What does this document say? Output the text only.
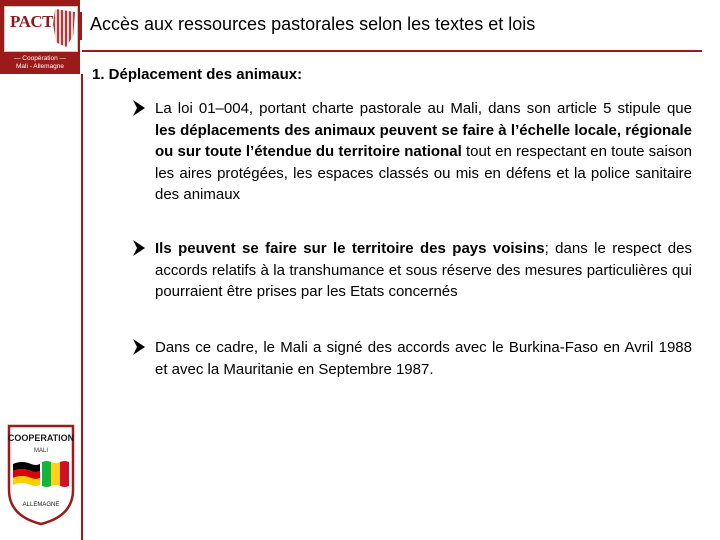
PACT
— Coopération —
Mali - Allemagne
COOPERATION
MALI
ALLEMAGNE
Accès aux ressources pastorales selon les textes et lois
1. Déplacement des animaux:
La loi 01–004, portant charte pastorale au Mali, dans son article 5 stipule que les déplacements des animaux peuvent se faire à l’échelle locale, régionale ou sur toute l’étendue du territoire national tout en respectant en toute saison les aires protégées, les espaces classés ou mis en défens et la police sanitaire des animaux
Ils peuvent se faire sur le territoire des pays voisins; dans le respect des accords relatifs à la transhumance et sous réserve des mesures particulières qui pourraient être prises par les Etats concernés
Dans ce cadre, le Mali a signé des accords avec le Burkina-Faso en Avril 1988 et avec la Mauritanie en Septembre 1987.
